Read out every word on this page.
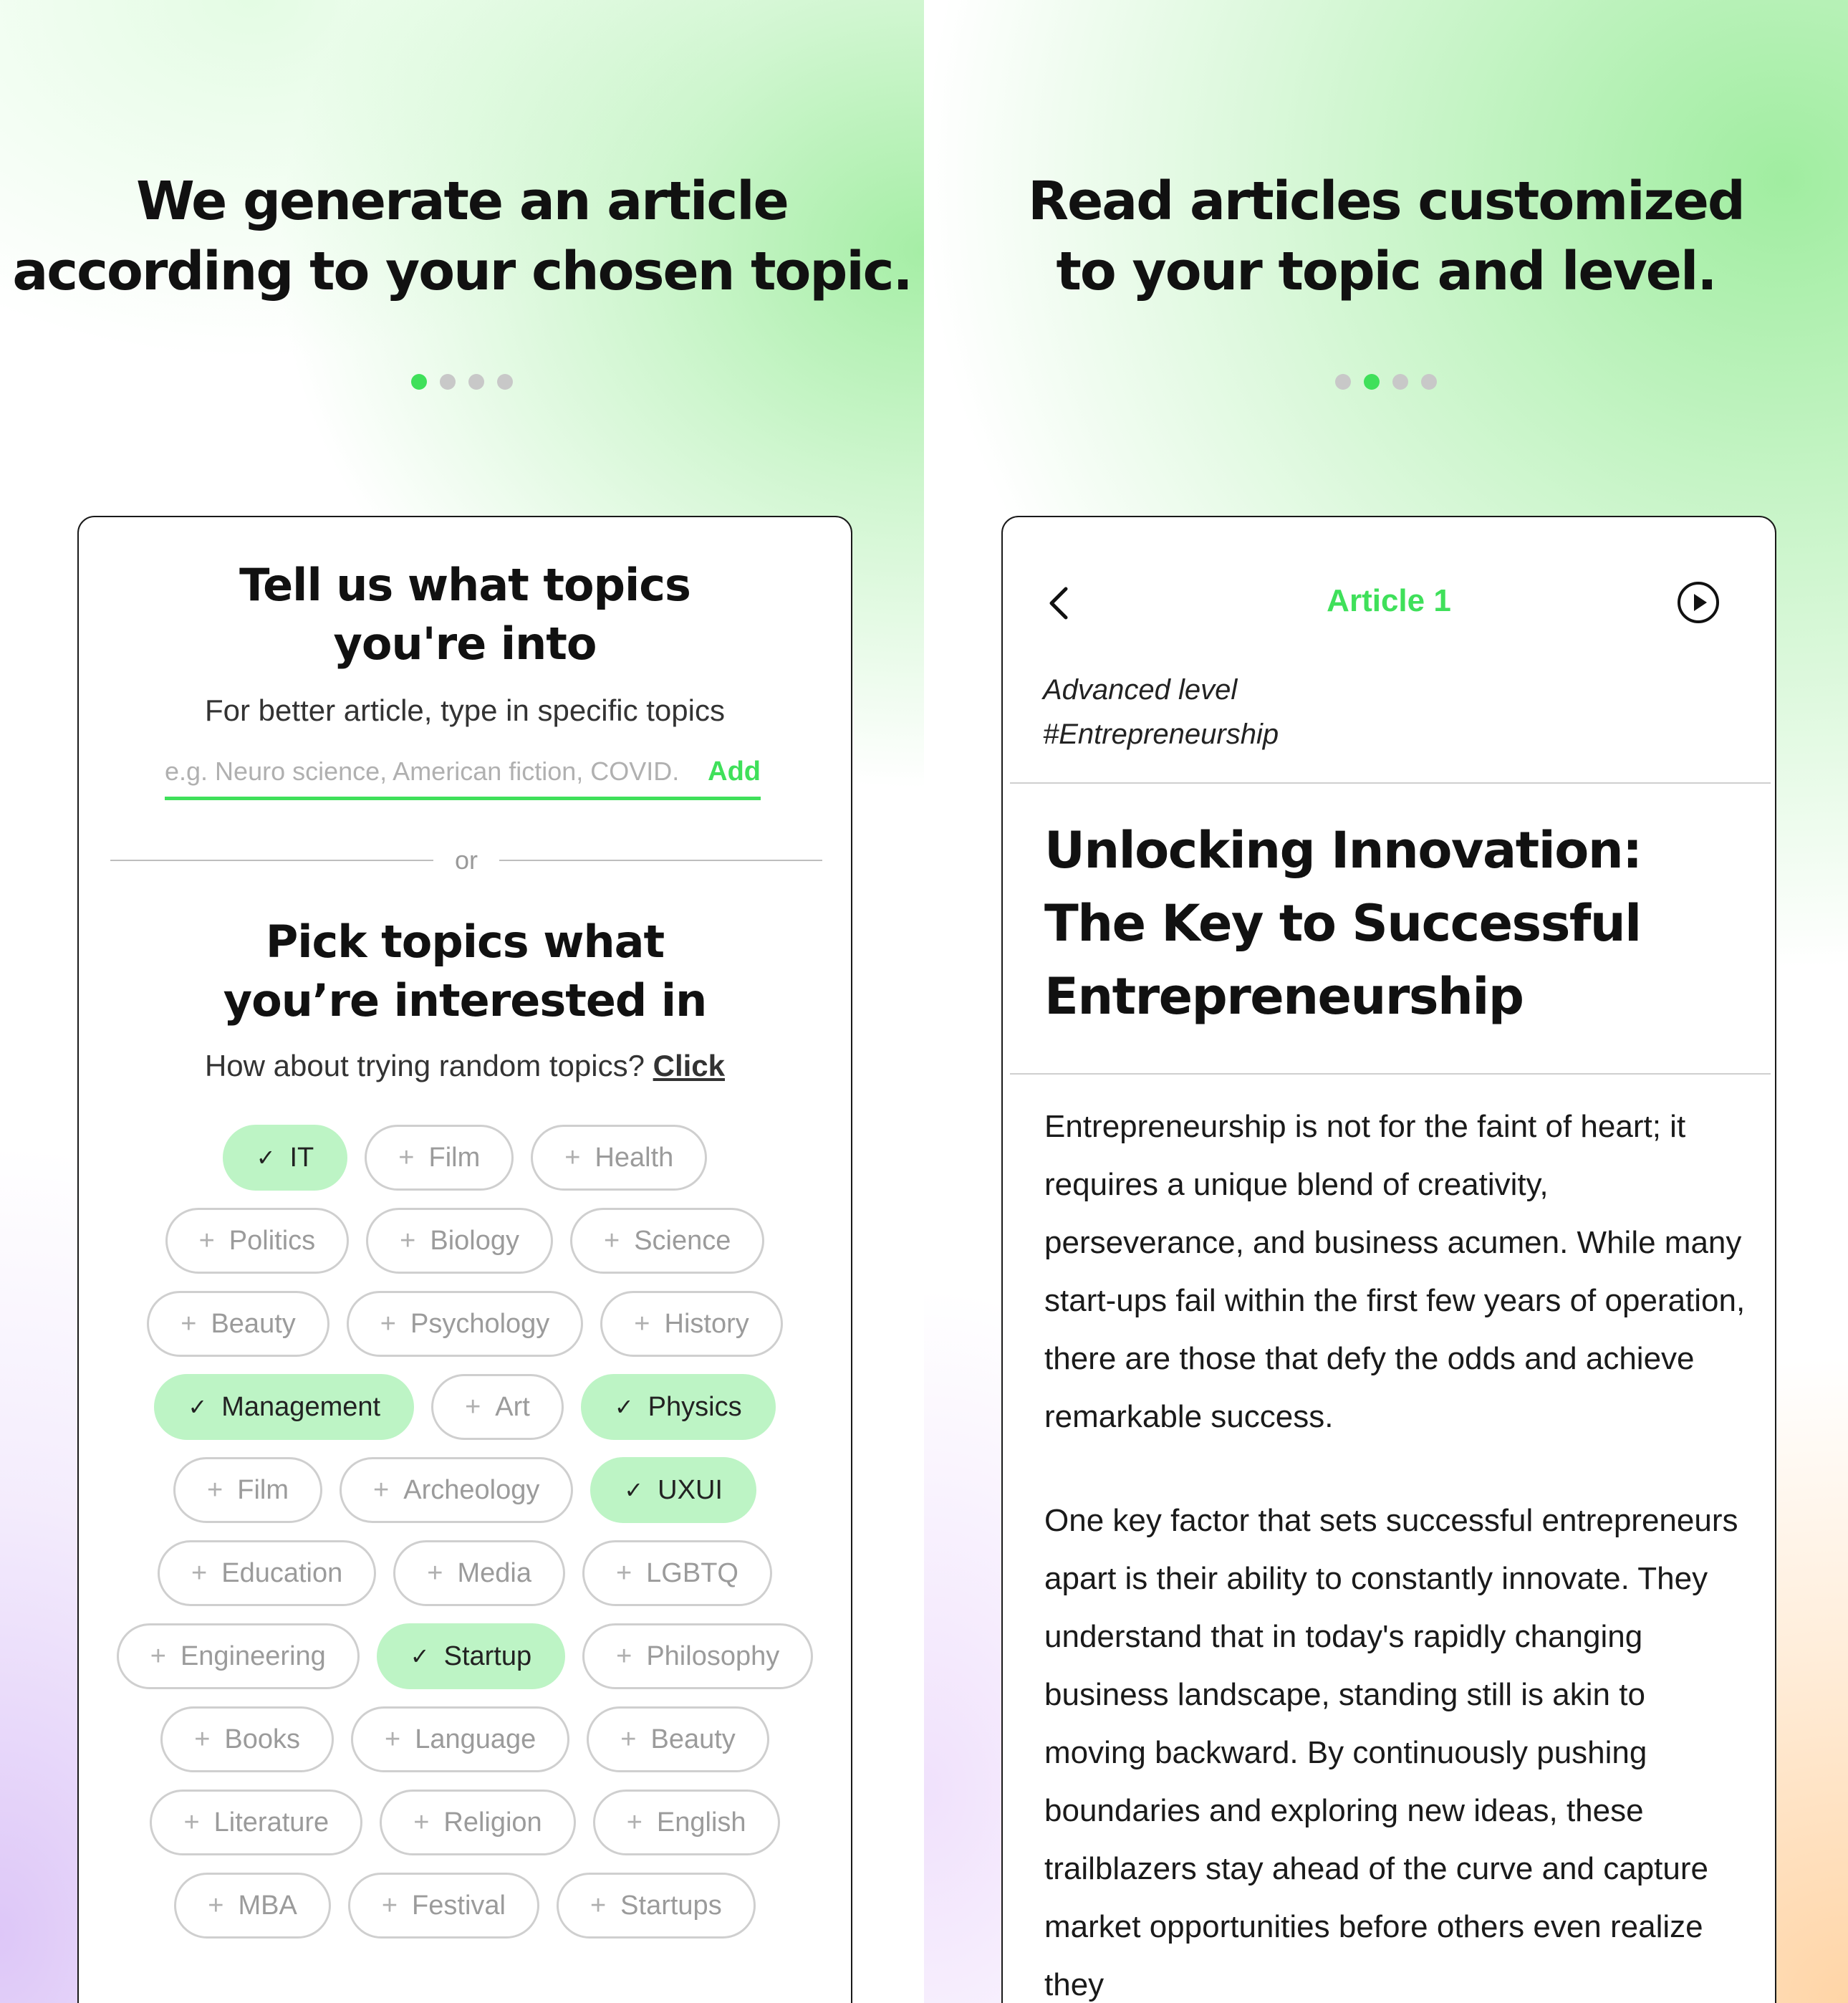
We generate an article
according to your chosen topic.
Tell us what topics
you're into
For better article, type in specific topics
e.g. Neuro science, American fiction, COVID...
Add
or
Pick topics what
you’re interested in
How about trying random topics? Click
✓ IT	+ Film	+ Health
+ Politics	+ Biology	+ Science
+ Beauty	+ Psychology	+ History
✓ Management	+ Art	✓ Physics
+ Film	+ Archeology	✓ UXUI
+ Education	+ Media	+ LGBTQ
+ Engineering	✓ Startup	+ Philosophy
+ Books	+ Language	+ Beauty
+ Literature	+ Religion	+ English
+ MBA	+ Festival	+ Startups
Read articles customized
to your topic and level.
Article 1
Advanced level
#Entrepreneurship
Unlocking Innovation: The Key to Successful Entrepreneurship

Entrepreneurship is not for the faint of heart; it requires a unique blend of creativity, perseverance, and business acumen. While many start-ups fail within the first few years of operation, there are those that defy the odds and achieve remarkable success.

One key factor that sets successful entrepreneurs apart is their ability to constantly innovate. They understand that in today's rapidly changing business landscape, standing still is akin to moving backward. By continuously pushing boundaries and exploring new ideas, these trailblazers stay ahead of the curve and capture market opportunities before others even realize they
